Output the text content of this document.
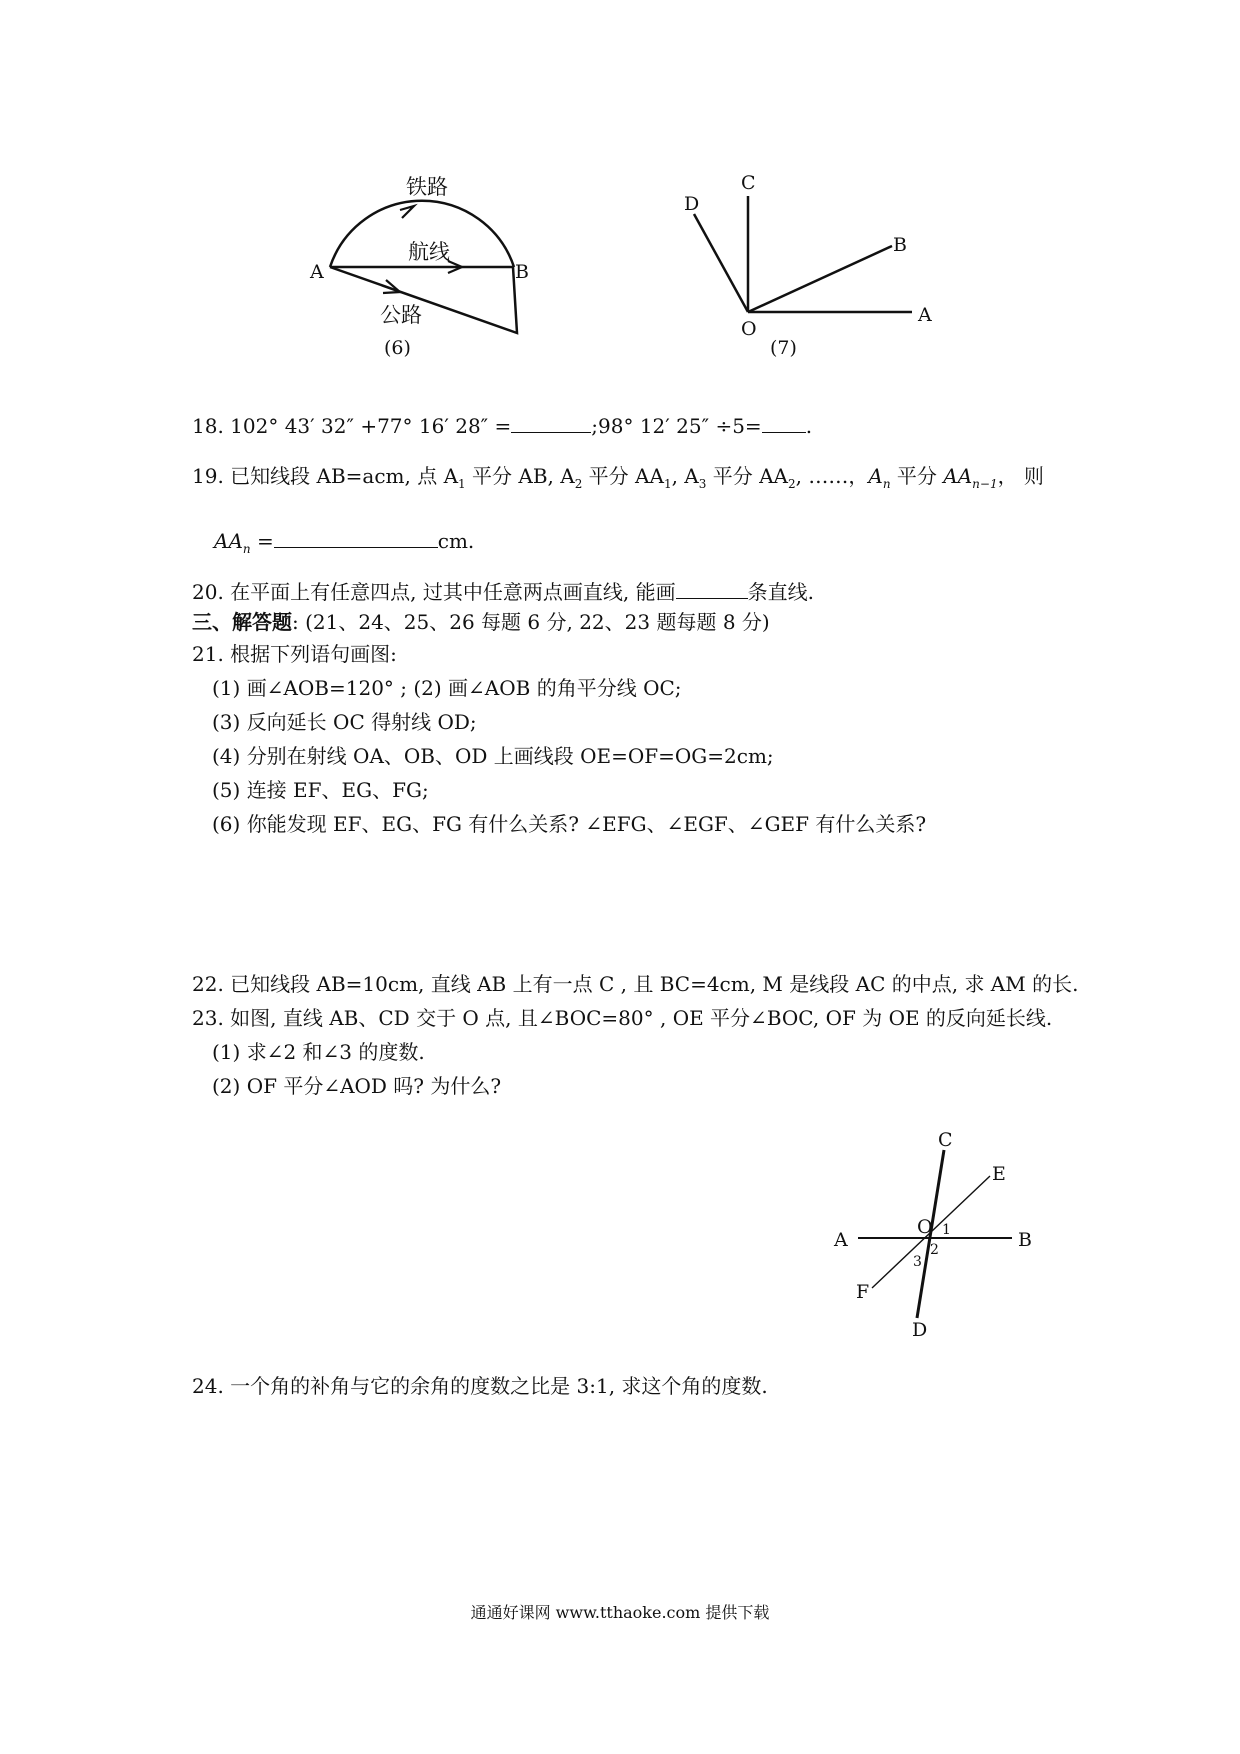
铁路
航线
公路
A	B
(6)
C
D
B
A
O
(7)
18. 102° 43′ 32″ +77° 16′ 28″ =	;98° 12′ 25″ ÷5= .
19. 已知线段 AB=acm, 点 $A_1$ 平分 AB, $A_2$ 平分 $AA_1$, $A_3$ 平分 $AA_2$, ……，$A_n$ 平分 $AA_{n-1}$， 则
$AA_n$ =	cm.
20. 在平面上有任意四点, 过其中任意两点画直线, 能画	条直线.
三、解答题: (21、24、25、26 每题 6 分, 22、23 题每题 8 分)
21. 根据下列语句画图:
(1) 画∠AOB=120° ; (2) 画∠AOB 的角平分线 OC;
(3) 反向延长 OC 得射线 OD;
(4) 分别在射线 OA、OB、OD 上画线段 OE=OF=OG=2cm;
(5) 连接 EF、EG、FG;
(6) 你能发现 EF、EG、FG 有什么关系? ∠EFG、∠EGF、∠GEF 有什么关系?
22. 已知线段 AB=10cm, 直线 AB 上有一点 C , 且 BC=4cm, M 是线段 AC 的中点, 求 AM 的长.
23. 如图, 直线 AB、CD 交于 O 点, 且∠BOC=80° , OE 平分∠BOC, OF 为 OE 的反向延长线.
(1) 求∠2 和∠3 的度数.
(2) OF 平分∠AOD 吗? 为什么?
C
E
A	B
O 1
2
3
F
D
24. 一个角的补角与它的余角的度数之比是 3:1, 求这个角的度数.
通通好课网 www.tthaoke.com 提供下载
